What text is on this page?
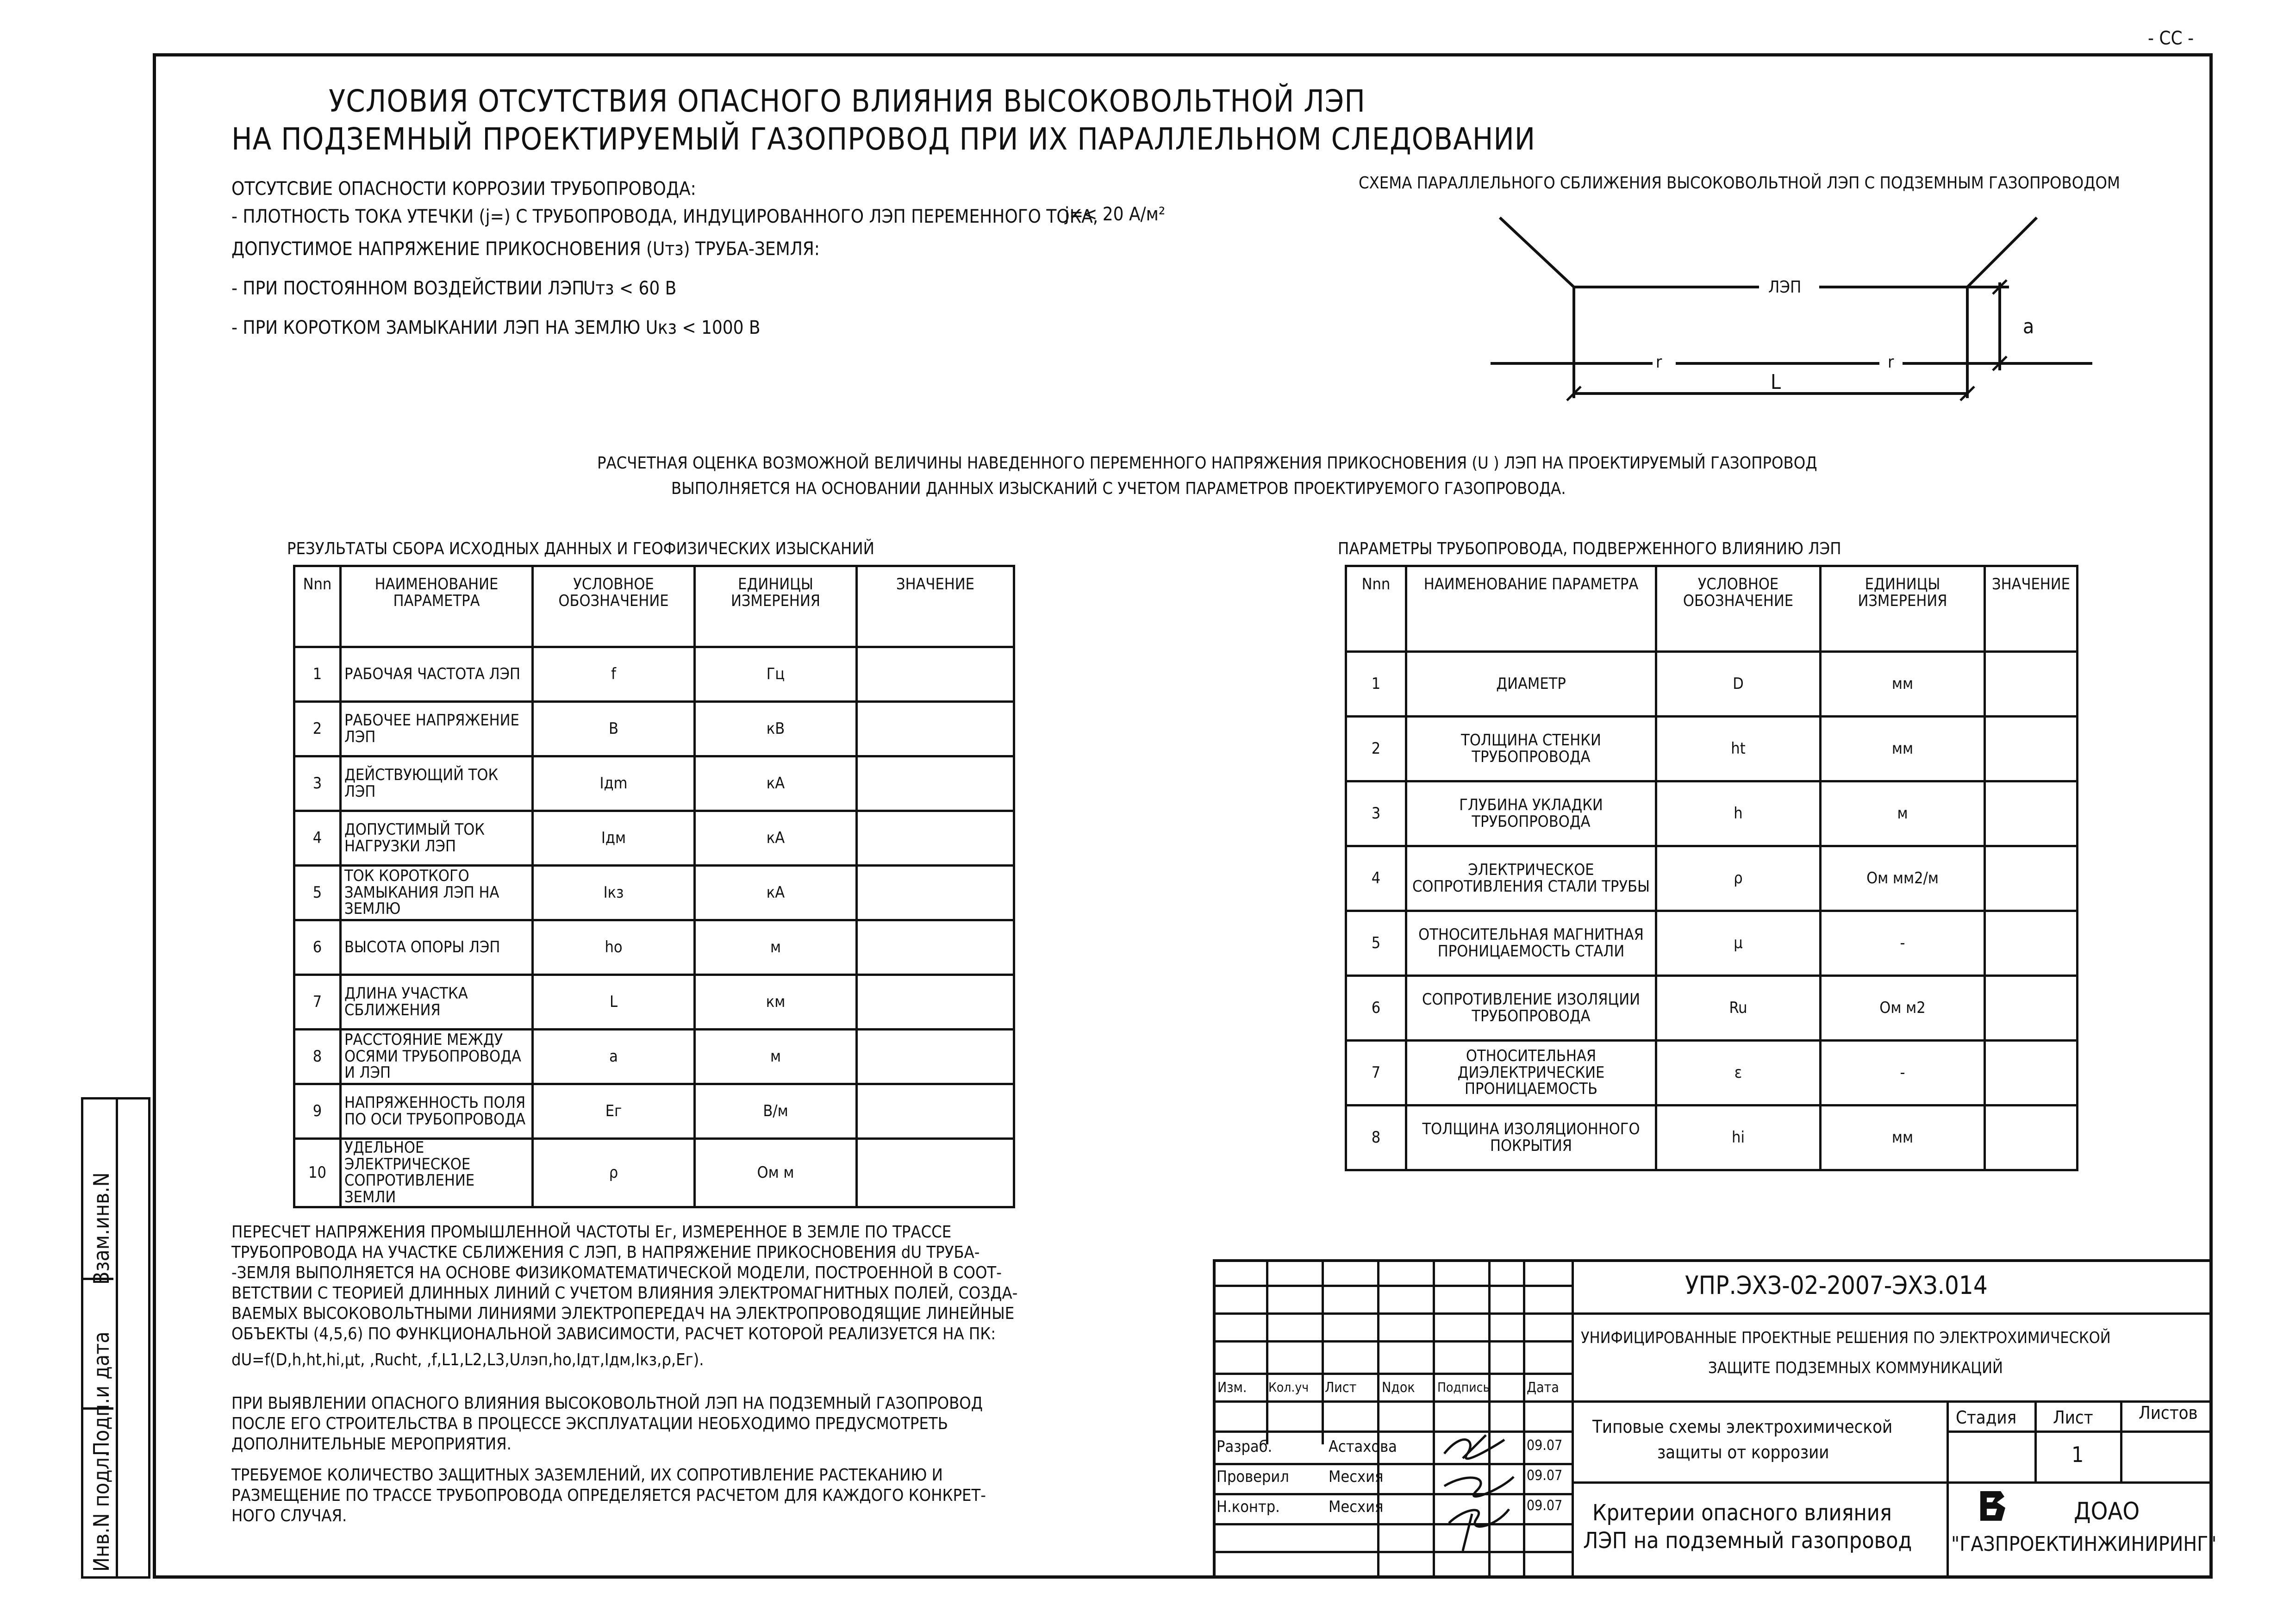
- СС -
Инв.N подл.
Подп.и дата
Взам.инв.N
УСЛОВИЯ ОТСУТСТВИЯ ОПАСНОГО ВЛИЯНИЯ ВЫСОКОВОЛЬТНОЙ ЛЭП
НА ПОДЗЕМНЫЙ ПРОЕКТИРУЕМЫЙ ГАЗОПРОВОД ПРИ ИХ ПАРАЛЛЕЛЬНОМ СЛЕДОВАНИИ
ОТСУТСВИЕ ОПАСНОСТИ КОРРОЗИИ ТРУБОПРОВОДА:
- ПЛОТНОСТЬ ТОКА УТЕЧКИ (j=) С ТРУБОПРОВОДА, ИНДУЦИРОВАННОГО ЛЭП ПЕРЕМЕННОГО ТОКА,
j=< 20 А/м²
ДОПУСТИМОЕ НАПРЯЖЕНИЕ ПРИКОСНОВЕНИЯ (Uтз) ТРУБА-ЗЕМЛЯ:
- ПРИ ПОСТОЯННОМ ВОЗДЕЙСТВИИ ЛЭП
Uтз < 60 В
- ПРИ КОРОТКОМ ЗАМЫКАНИИ ЛЭП НА ЗЕМЛЮ Uкз < 1000 В
СХЕМА ПАРАЛЛЕЛЬНОГО СБЛИЖЕНИЯ ВЫСОКОВОЛЬТНОЙ ЛЭП С ПОДЗЕМНЫМ ГАЗОПРОВОДОМ
ЛЭП
r	r
L
a
РАСЧЕТНАЯ ОЦЕНКА ВОЗМОЖНОЙ ВЕЛИЧИНЫ НАВЕДЕННОГО ПЕРЕМЕННОГО НАПРЯЖЕНИЯ ПРИКОСНОВЕНИЯ (U ) ЛЭП НА ПРОЕКТИРУЕМЫЙ ГАЗОПРОВОД
ВЫПОЛНЯЕТСЯ НА ОСНОВАНИИ ДАННЫХ ИЗЫСКАНИЙ С УЧЕТОМ ПАРАМЕТРОВ ПРОЕКТИРУЕМОГО ГАЗОПРОВОДА.
РЕЗУЛЬТАТЫ СБОРА ИСХОДНЫХ ДАННЫХ И ГЕОФИЗИЧЕСКИХ ИЗЫСКАНИЙ
Nnn	НАИМЕНОВАНИЕ ПАРАМЕТРА	УСЛОВНОЕ ОБОЗНАЧЕНИЕ	ЕДИНИЦЫ ИЗМЕРЕНИЯ	ЗНАЧЕНИЕ
1	РАБОЧАЯ ЧАСТОТА ЛЭП	f	Гц	
2	РАБОЧЕЕ НАПРЯЖЕНИЕ ЛЭП	В	кВ	
3	ДЕЙСТВУЮЩИЙ ТОК ЛЭП	Iдm	кА	
4	ДОПУСТИМЫЙ ТОК НАГРУЗКИ ЛЭП	Iдм	кА	
5	ТОК КОРОТКОГО ЗАМЫКАНИЯ ЛЭП НА ЗЕМЛЮ	Iкз	кА	
6	ВЫСОТА ОПОРЫ ЛЭП	hо	м	
7	ДЛИНА УЧАСТКА СБЛИЖЕНИЯ	L	км	
8	РАССТОЯНИЕ МЕЖДУ ОСЯМИ ТРУБОПРОВОДА И ЛЭП	a	м	
9	НАПРЯЖЕННОСТЬ ПОЛЯ ПО ОСИ ТРУБОПРОВОДА	Eг	В/м	
10	УДЕЛЬНОЕ ЭЛЕКТРИЧЕСКОЕ СОПРОТИВЛЕНИЕ ЗЕМЛИ	ρ	Ом м	
ПАРАМЕТРЫ ТРУБОПРОВОДА, ПОДВЕРЖЕННОГО ВЛИЯНИЮ ЛЭП
Nnn	НАИМЕНОВАНИЕ ПАРАМЕТРА	УСЛОВНОЕ ОБОЗНАЧЕНИЕ	ЕДИНИЦЫ ИЗМЕРЕНИЯ	ЗНАЧЕНИЕ
1	ДИАМЕТР	D	мм	
2	ТОЛЩИНА СТЕНКИ ТРУБОПРОВОДА	ht	мм	
3	ГЛУБИНА УКЛАДКИ ТРУБОПРОВОДА	h	м	
4	ЭЛЕКТРИЧЕСКОЕ СОПРОТИВЛЕНИЯ СТАЛИ ТРУБЫ	ρ	Ом мм2/м	
5	ОТНОСИТЕЛЬНАЯ МАГНИТНАЯ ПРОНИЦАЕМОСТЬ СТАЛИ	μ	-	
6	СОПРОТИВЛЕНИЕ ИЗОЛЯЦИИ ТРУБОПРОВОДА	Ru	Ом м2	
7	ОТНОСИТЕЛЬНАЯ ДИЭЛЕКТРИЧЕСКИЕ ПРОНИЦАЕМОСТЬ	ε	-	
8	ТОЛЩИНА ИЗОЛЯЦИОННОГО ПОКРЫТИЯ	hi	мм	
ПЕРЕСЧЕТ НАПРЯЖЕНИЯ ПРОМЫШЛЕННОЙ ЧАСТОТЫ Eг, ИЗМЕРЕННОЕ В ЗЕМЛЕ ПО ТРАССЕ
ТРУБОПРОВОДА НА УЧАСТКЕ СБЛИЖЕНИЯ С ЛЭП, В НАПРЯЖЕНИЕ ПРИКОСНОВЕНИЯ dU ТРУБА-
-ЗЕМЛЯ ВЫПОЛНЯЕТСЯ НА ОСНОВЕ ФИЗИКОМАТЕМАТИЧЕСКОЙ МОДЕЛИ, ПОСТРОЕННОЙ В СООТ-
ВЕТСТВИИ С ТЕОРИЕЙ ДЛИННЫХ ЛИНИЙ С УЧЕТОМ ВЛИЯНИЯ ЭЛЕКТРОМАГНИТНЫХ ПОЛЕЙ, СОЗДА-
ВАЕМЫХ ВЫСОКОВОЛЬТНЫМИ ЛИНИЯМИ ЭЛЕКТРОПЕРЕДАЧ НА ЭЛЕКТРОПРОВОДЯЩИЕ ЛИНЕЙНЫЕ
ОБЪЕКТЫ (4,5,6) ПО ФУНКЦИОНАЛЬНОЙ ЗАВИСИМОСТИ, РАСЧЕТ КОТОРОЙ РЕАЛИЗУЕТСЯ НА ПК:
dU=f(D,h,ht,hi,μt, ,Ruсht, ,f,L1,L2,L3,Uлэп,hо,Iдт,Iдм,Iкз,ρ,Eг).
ПРИ ВЫЯВЛЕНИИ ОПАСНОГО ВЛИЯНИЯ ВЫСОКОВОЛЬТНОЙ ЛЭП НА ПОДЗЕМНЫЙ ГАЗОПРОВОД
ПОСЛЕ ЕГО СТРОИТЕЛЬСТВА В ПРОЦЕССЕ ЭКСПЛУАТАЦИИ НЕОБХОДИМО ПРЕДУСМОТРЕТЬ
ДОПОЛНИТЕЛЬНЫЕ МЕРОПРИЯТИЯ.
ТРЕБУЕМОЕ КОЛИЧЕСТВО ЗАЩИТНЫХ ЗАЗЕМЛЕНИЙ, ИХ СОПРОТИВЛЕНИЕ РАСТЕКАНИЮ И
РАЗМЕЩЕНИЕ ПО ТРАССЕ ТРУБОПРОВОДА ОПРЕДЕЛЯЕТСЯ РАСЧЕТОМ ДЛЯ КАЖДОГО КОНКРЕТ-
НОГО СЛУЧАЯ.
Изм. Кол.уч Лист Nдок Подпись	Дата
Разраб.	Астахова	09.07
Проверил	Месхия	09.07
Н.контр.	Месхия	09.07
УПР.ЭХЗ-02-2007-ЭХЗ.014
УНИФИЦИРОВАННЫЕ ПРОЕКТНЫЕ РЕШЕНИЯ ПО ЭЛЕКТРОХИМИЧЕСКОЙ
ЗАЩИТЕ ПОДЗЕМНЫХ КОММУНИКАЦИЙ
Типовые схемы электрохимической
защиты от коррозии
Стадия Лист	Листов
1
Критерии опасного влияния
ЛЭП на подземный газопровод
ДОАО
"ГАЗПРОЕКТИНЖИНИРИНГ"
